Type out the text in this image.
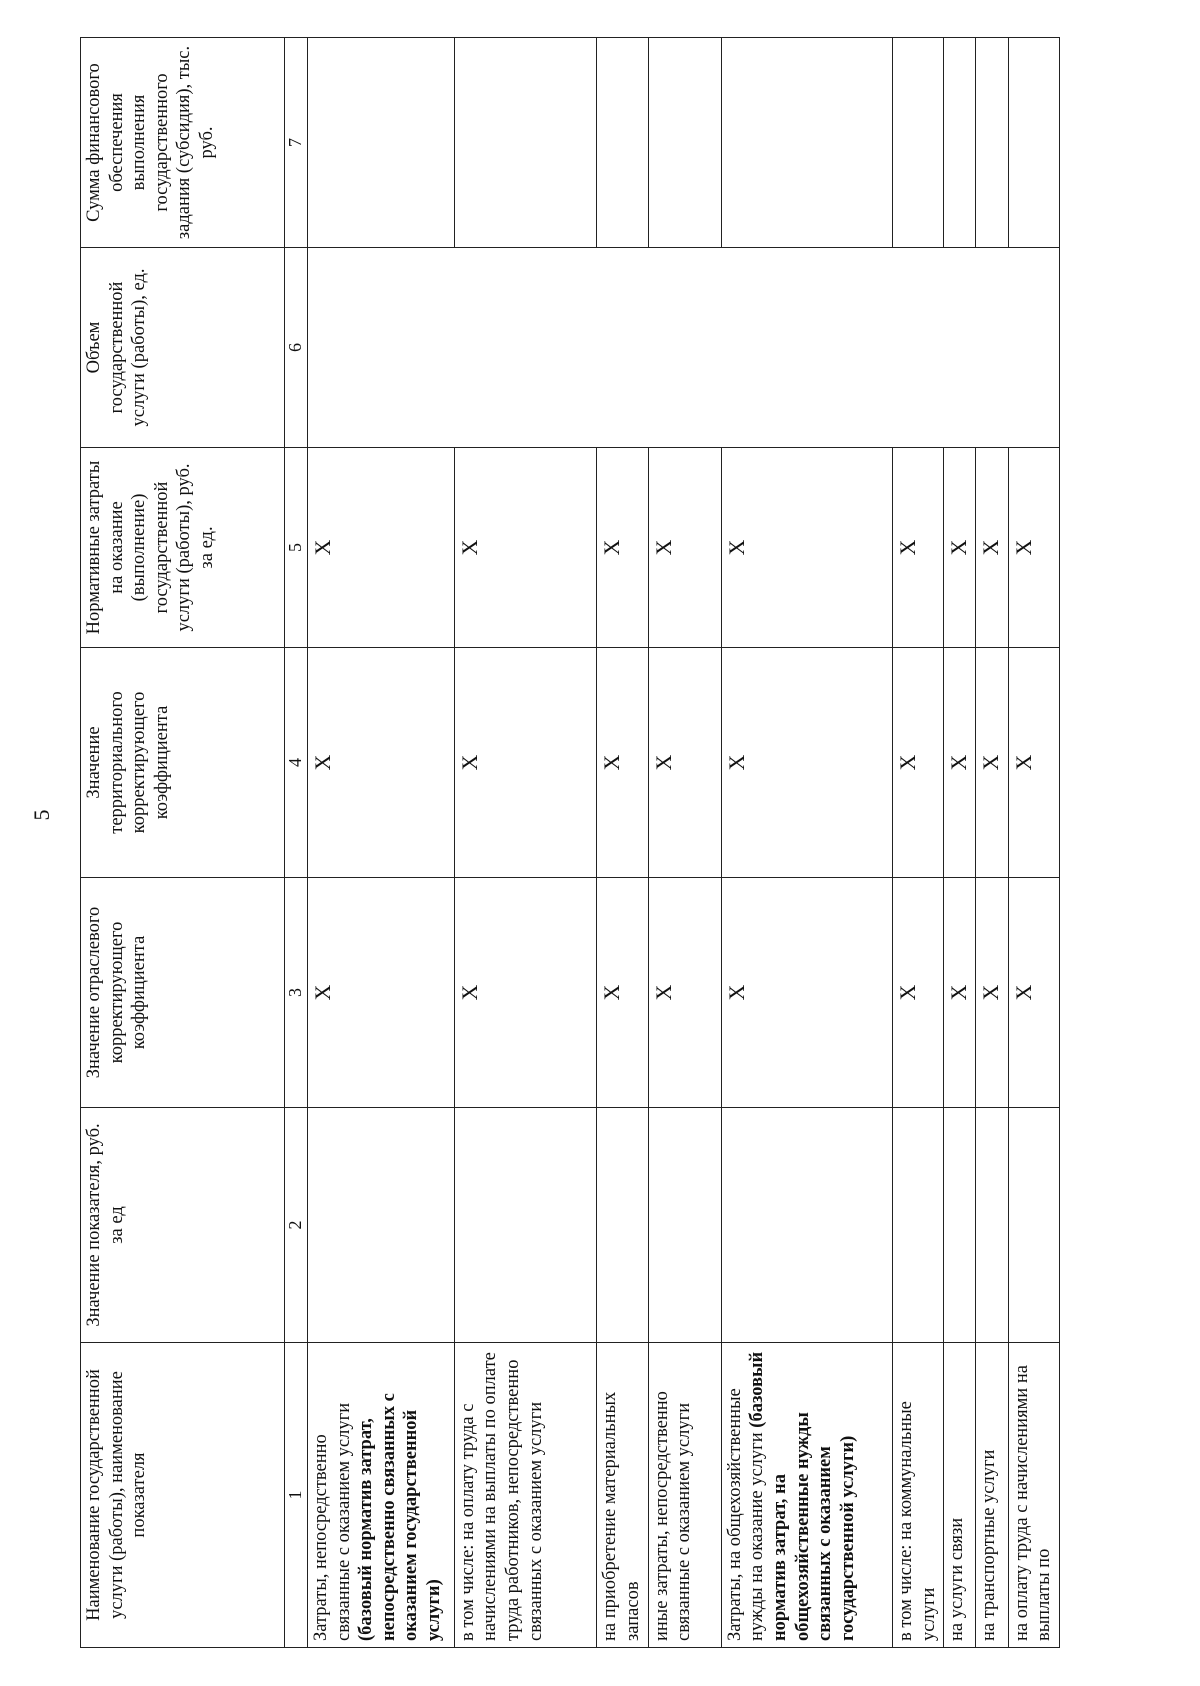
5
Наименование государственной услуги (работы), наименование показателя	Значение показателя, руб. за ед	Значение отраслевого корректирующего коэффициента	Значение территориального корректирующего коэффициента	Нормативные затраты на оказание (выполнение) государственной услуги (работы), руб. за ед.	Объем государственной услуги (работы), ед.	Сумма финансового обеспечения выполнения государственного задания (субсидия), тыс. руб.
1	2	3	4	5	6	7
Затраты, непосредственно связанные с оказанием услуги (базовый норматив затрат, непосредственно связанных с оказанием государственной услуги)		X	X	X		
в том числе: на оплату труда с начислениями на выплаты по оплате труда работников, непосредственно связанных с оказанием услуги		X	X	X		
на приобретение материальных запасов		X	X	X		
иные затраты, непосредственно связанные с оказанием услуги		X	X	X		
Затраты, на общехозяйственные нужды на оказание услуги (базовый норматив затрат, на общехозяйственные нужды связанных с оказанием государственной услуги)		X	X	X		
в том числе: на коммунальные услуги		X	X	X		
на услуги связи		X	X	X		
на транспортные услуги		X	X	X		
на оплату труда с начислениями на выплаты по		X	X	X		
